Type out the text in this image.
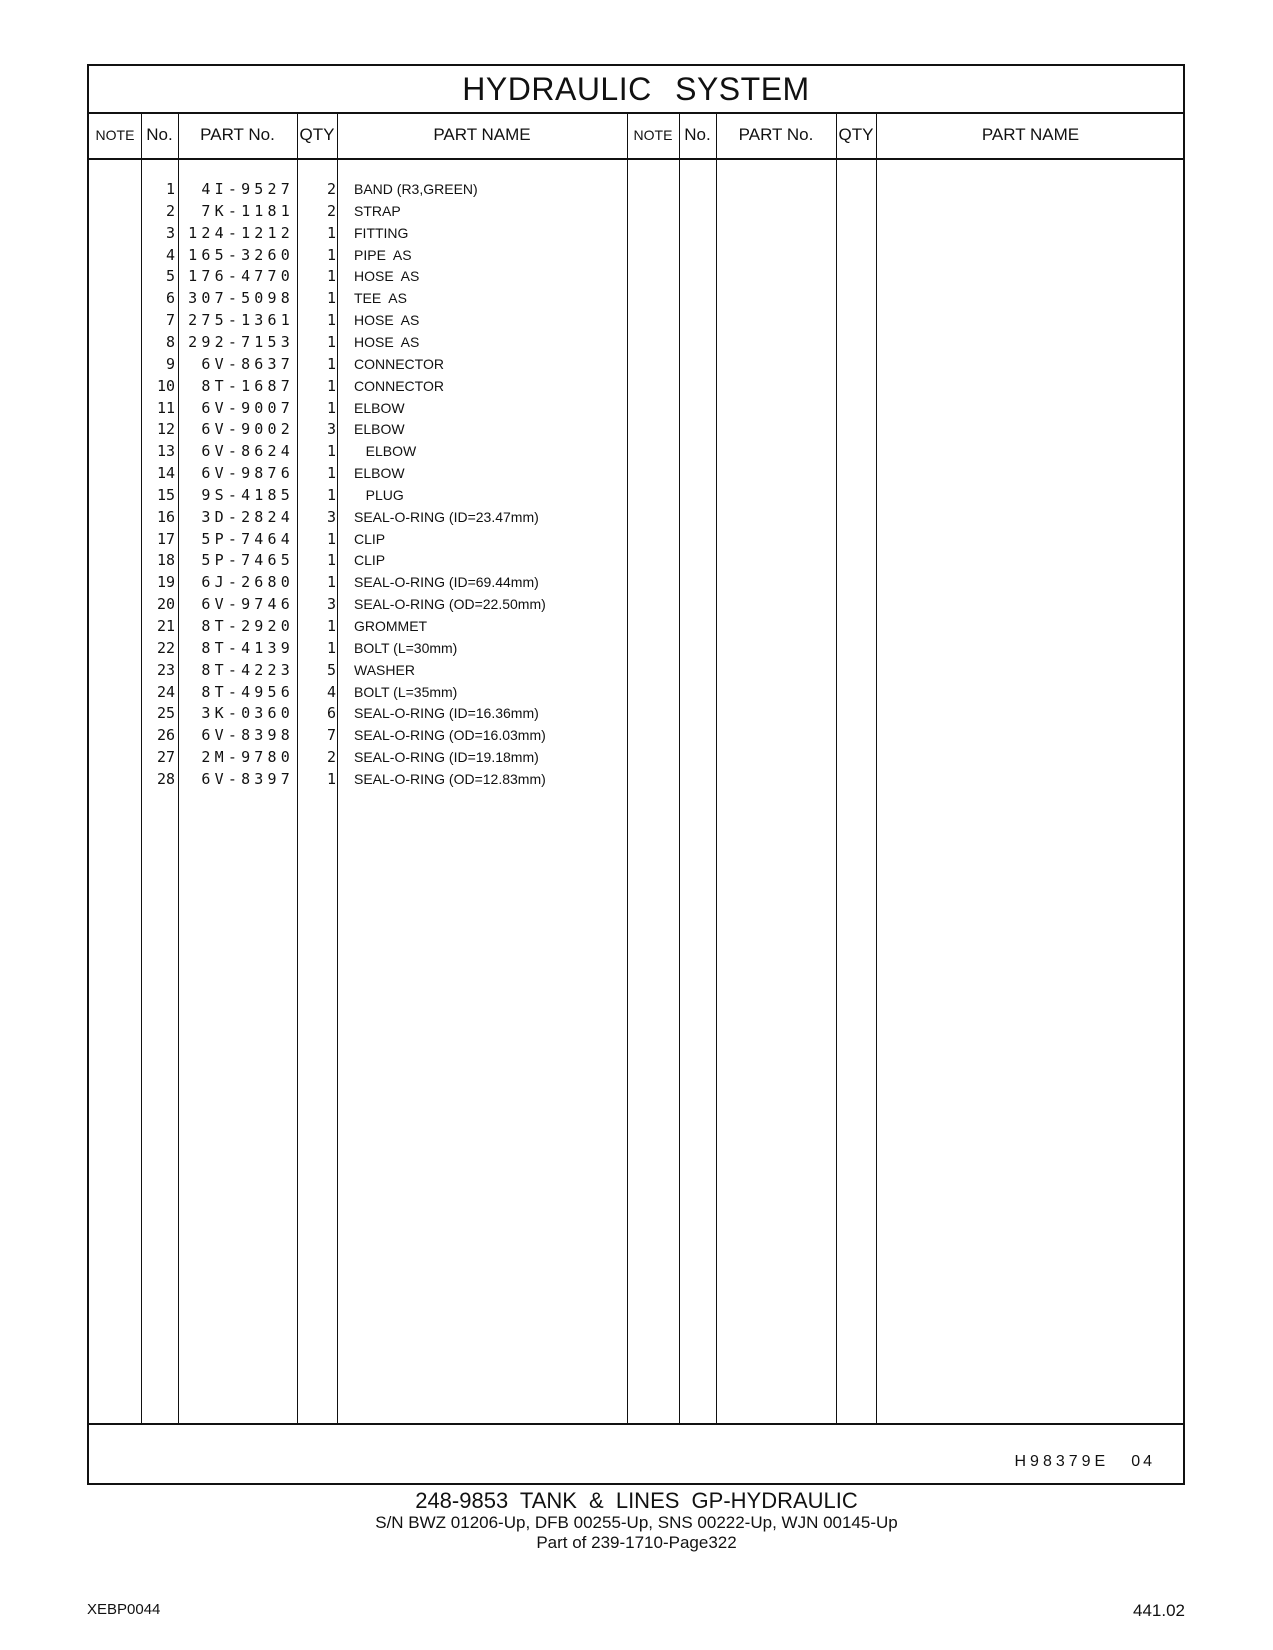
HYDRAULIC SYSTEM
NOTE No.	PART No.	QTY	PART NAME	NOTE No.	PART No.	QTY	PART NAME
1	4I-9527	2 BAND (R3,GREEN)
2	7K-1181	2 STRAP
3 124-1212	1 FITTING
4 165-3260	1 PIPE  AS
5 176-4770	1 HOSE  AS
6 307-5098	1 TEE  AS
7 275-1361	1 HOSE  AS
8 292-7153	1 HOSE  AS
9	6V-8637	1 CONNECTOR
10	8T-1687	1 CONNECTOR
11	6V-9007	1 ELBOW
12	6V-9002	3 ELBOW
13	6V-8624	1 ELBOW
14	6V-9876	1 ELBOW
15	9S-4185	1 PLUG
16	3D-2824	3 SEAL-O-RING (ID=23.47mm)
17	5P-7464	1 CLIP
18	5P-7465	1 CLIP
19	6J-2680	1 SEAL-O-RING (ID=69.44mm)
20	6V-9746	3 SEAL-O-RING (OD=22.50mm)
21	8T-2920	1 GROMMET
22	8T-4139	1 BOLT (L=30mm)
23	8T-4223	5 WASHER
24	8T-4956	4 BOLT (L=35mm)
25	3K-0360	6 SEAL-O-RING (ID=16.36mm)
26	6V-8398	7 SEAL-O-RING (OD=16.03mm)
27	2M-9780	2 SEAL-O-RING (ID=19.18mm)
28	6V-8397	1 SEAL-O-RING (OD=12.83mm)
H98379E 04
248-9853 TANK & LINES GP-HYDRAULIC
S/N BWZ 01206-Up, DFB 00255-Up, SNS 00222-Up, WJN 00145-Up
Part of 239-1710-Page322
XEBP0044	441.02
